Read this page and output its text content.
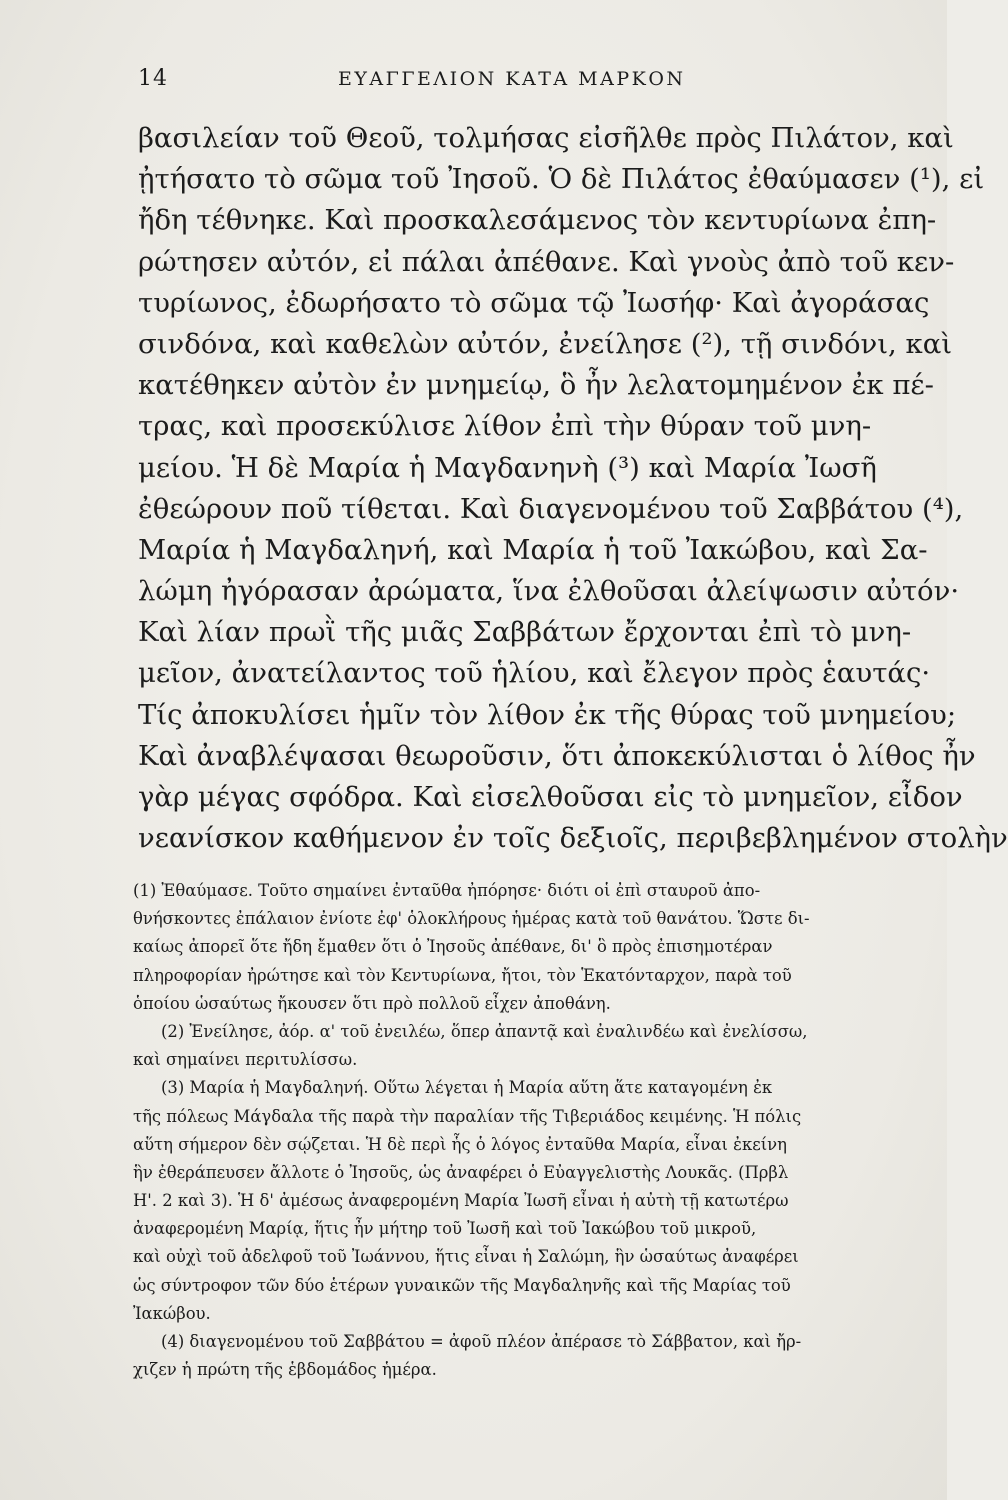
14	ΕΥΑΓΓΕΛΙΟΝ ΚΑΤΑ ΜΑΡΚΟΝ
βασιλείαν τοῦ Θεοῦ, τολμήσας εἰσῆλθε πρὸς Πιλάτον, καὶ
ᾐτήσατο τὸ σῶμα τοῦ Ἰησοῦ. Ὁ δὲ Πιλάτος ἐθαύμασεν (¹), εἰ
ἤδη τέθνηκε. Καὶ προσκαλεσάμενος τὸν κεντυρίωνα ἐπη-
ρώτησεν αὐτόν, εἰ πάλαι ἀπέθανε. Καὶ γνοὺς ἀπὸ τοῦ κεν-
τυρίωνος, ἐδωρήσατο τὸ σῶμα τῷ Ἰωσήφ· Καὶ ἀγοράσας
σινδόνα, καὶ καθελὼν αὐτόν, ἐνείλησε (²), τῇ σινδόνι, καὶ
κατέθηκεν αὐτὸν ἐν μνημείῳ, ὃ ἦν λελατομημένον ἐκ πέ-
τρας, καὶ προσεκύλισε λίθον ἐπὶ τὴν θύραν τοῦ μνη-
μείου. Ἡ δὲ Μαρία ἡ Μαγδανηνὴ (³) καὶ Μαρία Ἰωσῆ
ἐθεώρουν ποῦ τίθεται. Καὶ διαγενομένου τοῦ Σαββάτου (⁴),
Μαρία ἡ Μαγδαληνή, καὶ Μαρία ἡ τοῦ Ἰακώβου, καὶ Σα-
λώμη ἠγόρασαν ἀρώματα, ἵνα ἐλθοῦσαι ἀλείψωσιν αὐτόν·
Καὶ λίαν πρωῒ τῆς μιᾶς Σαββάτων ἔρχονται ἐπὶ τὸ μνη-
μεῖον, ἀνατείλαντος τοῦ ἡλίου, καὶ ἔλεγον πρὸς ἑαυτάς·
Τίς ἀποκυλίσει ἡμῖν τὸν λίθον ἐκ τῆς θύρας τοῦ μνημείου;
Καὶ ἀναβλέψασαι θεωροῦσιν, ὅτι ἀποκεκύλισται ὁ λίθος ἦν
γὰρ μέγας σφόδρα. Καὶ εἰσελθοῦσαι εἰς τὸ μνημεῖον, εἶδον
νεανίσκον καθήμενον ἐν τοῖς δεξιοῖς, περιβεβλημένον στολὴν
(1) Ἐθαύμασε. Τοῦτο σημαίνει ἐνταῦθα ἠπόρησε· διότι οἱ ἐπὶ σταυροῦ ἀπο-
θνήσκοντες ἐπάλαιον ἐνίοτε ἐφ' ὁλοκλήρους ἡμέρας κατὰ τοῦ θανάτου. Ὥστε δι-
καίως ἀπορεῖ ὅτε ἤδη ἔμαθεν ὅτι ὁ Ἰησοῦς ἀπέθανε, δι' ὃ πρὸς ἐπισημοτέραν
πληροφορίαν ἠρώτησε καὶ τὸν Κεντυρίωνα, ἤτοι, τὸν Ἑκατόνταρχον, παρὰ τοῦ
ὁποίου ὡσαύτως ἤκουσεν ὅτι πρὸ πολλοῦ εἶχεν ἀποθάνη.
(2) Ἐνείλησε, ἀόρ. α' τοῦ ἐνειλέω, ὅπερ ἀπαντᾷ καὶ ἐναλινδέω καὶ ἐνελίσσω,
καὶ σημαίνει περιτυλίσσω.
(3) Μαρία ἡ Μαγδαληνή. Οὕτω λέγεται ἡ Μαρία αὕτη ἅτε καταγομένη ἐκ
τῆς πόλεως Μάγδαλα τῆς παρὰ τὴν παραλίαν τῆς Τιβεριάδος κειμένης. Ἡ πόλις
αὕτη σήμερον δὲν σῴζεται. Ἡ δὲ περὶ ἧς ὁ λόγος ἐνταῦθα Μαρία, εἶναι ἐκείνη
ἣν ἐθεράπευσεν ἄλλοτε ὁ Ἰησοῦς, ὡς ἀναφέρει ὁ Εὐαγγελιστὴς Λουκᾶς. (Πρβλ
Η'. 2 καὶ 3). Ἡ δ' ἀμέσως ἀναφερομένη Μαρία Ἰωσῆ εἶναι ἡ αὐτὴ τῇ κατωτέρω
ἀναφερομένη Μαρίᾳ, ἥτις ἦν μήτηρ τοῦ Ἰωσῆ καὶ τοῦ Ἰακώβου τοῦ μικροῦ,
καὶ οὐχὶ τοῦ ἀδελφοῦ τοῦ Ἰωάννου, ἥτις εἶναι ἡ Σαλώμη, ἣν ὡσαύτως ἀναφέρει
ὡς σύντροφον τῶν δύο ἑτέρων γυναικῶν τῆς Μαγδαληνῆς καὶ τῆς Μαρίας τοῦ
Ἰακώβου.
(4) διαγενομένου τοῦ Σαββάτου = ἀφοῦ πλέον ἀπέρασε τὸ Σάββατον, καὶ ἤρ-
χιζεν ἡ πρώτη τῆς ἑβδομάδος ἡμέρα.
